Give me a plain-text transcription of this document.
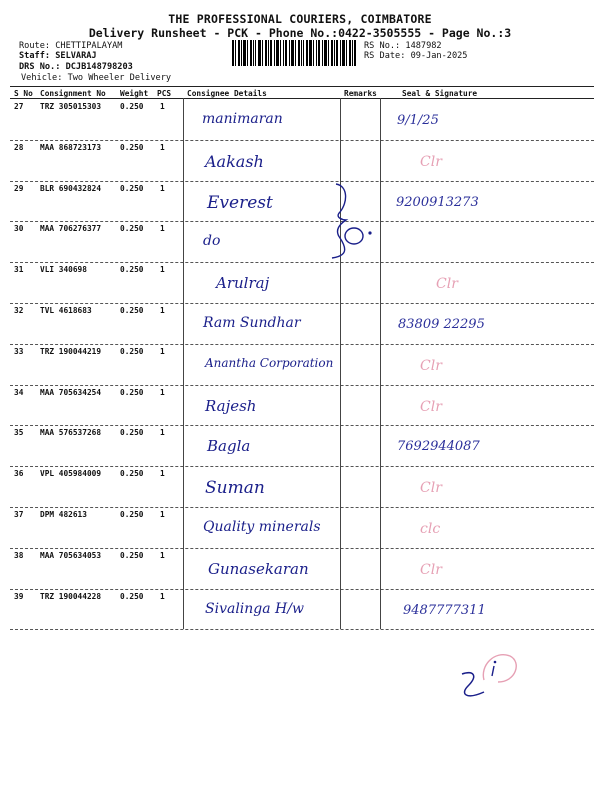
THE PROFESSIONAL COURIERS, COIMBATORE
Delivery Runsheet - PCK - Phone No.:0422-3505555 - Page No.:3
Route: CHETTIPALAYAM
Staff: SELVARAJ
DRS No.: DCJB148798203
Vehicle: Two Wheeler Delivery
RS No.: 1487982
RS Date: 09-Jan-2025
S No Consignment No Weight PCS Consignee Details	Remarks	Seal & Signature
27 TRZ 305015303 0.250 1
manimaran	9/1/25
28 MAA 868723173 0.250 1
Aakash	Clr
29 BLR 690432824 0.250 1
Everest	9200913273
30 MAA 706276377 0.250 1
do
31 VLI 340698	0.250 1
Arulraj	Clr
32 TVL 4618683	0.250 1
Ram Sundhar	83809 22295
33 TRZ 190044219 0.250 1
Anantha Corporation	Clr
34 MAA 705634254 0.250 1
Rajesh	Clr
35 MAA 576537268 0.250 1
Bagla	7692944087
36 VPL 405984009 0.250 1
Suman	Clr
37 DPM 482613	0.250 1
Quality minerals	clc
38 MAA 705634053 0.250 1
Gunasekaran	Clr
39 TRZ 190044228 0.250 1
Sivalinga H/w	9487777311
